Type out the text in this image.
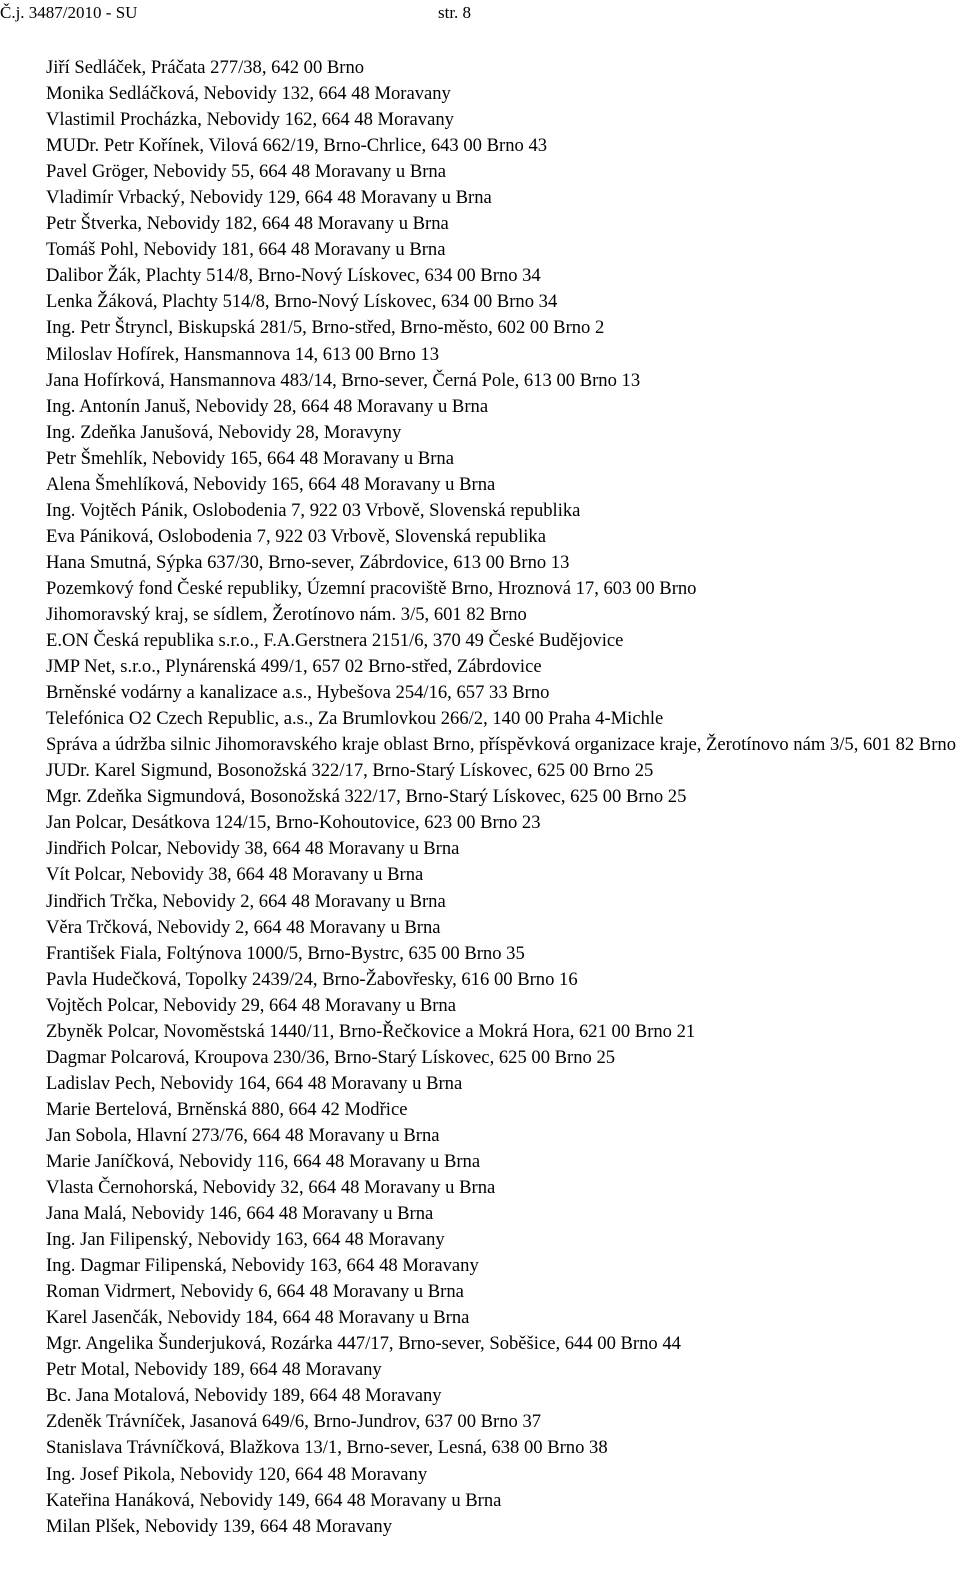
Č.j. 3487/2010 - SU	str. 8
Jiří Sedláček, Práčata 277/38, 642 00 Brno
Monika Sedláčková, Nebovidy 132, 664 48 Moravany
Vlastimil Procházka, Nebovidy 162, 664 48 Moravany
MUDr. Petr Kořínek, Vilová 662/19, Brno-Chrlice, 643 00 Brno 43
Pavel Gröger, Nebovidy 55, 664 48 Moravany u Brna
Vladimír Vrbacký, Nebovidy 129, 664 48 Moravany u Brna
Petr Štverka, Nebovidy 182, 664 48 Moravany u Brna
Tomáš Pohl, Nebovidy 181, 664 48 Moravany u Brna
Dalibor Žák, Plachty 514/8, Brno-Nový Lískovec, 634 00 Brno 34
Lenka Žáková, Plachty 514/8, Brno-Nový Lískovec, 634 00 Brno 34
Ing. Petr Štryncl, Biskupská 281/5, Brno-střed, Brno-město, 602 00 Brno 2
Miloslav Hofírek, Hansmannova 14, 613 00 Brno 13
Jana Hofírková, Hansmannova 483/14, Brno-sever, Černá Pole, 613 00 Brno 13
Ing. Antonín Januš, Nebovidy 28, 664 48 Moravany u Brna
Ing. Zdeňka Janušová, Nebovidy 28, Moravyny
Petr Šmehlík, Nebovidy 165, 664 48 Moravany u Brna
Alena Šmehlíková, Nebovidy 165, 664 48 Moravany u Brna
Ing. Vojtěch Pánik, Oslobodenia 7, 922 03 Vrbově, Slovenská republika
Eva Pániková, Oslobodenia 7, 922 03 Vrbově, Slovenská republika
Hana Smutná, Sýpka 637/30, Brno-sever, Zábrdovice, 613 00 Brno 13
Pozemkový fond České republiky, Územní pracoviště Brno, Hroznová 17, 603 00 Brno
Jihomoravský kraj, se sídlem, Žerotínovo nám. 3/5, 601 82 Brno
E.ON Česká republika s.r.o., F.A.Gerstnera 2151/6, 370 49 České Budějovice
JMP Net, s.r.o., Plynárenská 499/1, 657 02 Brno-střed, Zábrdovice
Brněnské vodárny a kanalizace a.s., Hybešova 254/16, 657 33 Brno
Telefónica O2 Czech Republic, a.s., Za Brumlovkou 266/2, 140 00 Praha 4-Michle
Správa a údržba silnic Jihomoravského kraje oblast Brno, příspěvková organizace kraje, Žerotínovo nám 3/5, 601 82 Brno
JUDr. Karel Sigmund, Bosonožská 322/17, Brno-Starý Lískovec, 625 00 Brno 25
Mgr. Zdeňka Sigmundová, Bosonožská 322/17, Brno-Starý Lískovec, 625 00 Brno 25
Jan Polcar, Desátkova 124/15, Brno-Kohoutovice, 623 00 Brno 23
Jindřich Polcar, Nebovidy 38, 664 48 Moravany u Brna
Vít Polcar, Nebovidy 38, 664 48 Moravany u Brna
Jindřich Trčka, Nebovidy 2, 664 48 Moravany u Brna
Věra Trčková, Nebovidy 2, 664 48 Moravany u Brna
František Fiala, Foltýnova 1000/5, Brno-Bystrc, 635 00 Brno 35
Pavla Hudečková, Topolky 2439/24, Brno-Žabovřesky, 616 00 Brno 16
Vojtěch Polcar, Nebovidy 29, 664 48 Moravany u Brna
Zbyněk Polcar, Novoměstská 1440/11, Brno-Řečkovice a Mokrá Hora, 621 00 Brno 21
Dagmar Polcarová, Kroupova 230/36, Brno-Starý Lískovec, 625 00 Brno 25
Ladislav Pech, Nebovidy 164, 664 48 Moravany u Brna
Marie Bertelová, Brněnská 880, 664 42 Modřice
Jan Sobola, Hlavní 273/76, 664 48 Moravany u Brna
Marie Janíčková, Nebovidy 116, 664 48 Moravany u Brna
Vlasta Černohorská, Nebovidy 32, 664 48 Moravany u Brna
Jana Malá, Nebovidy 146, 664 48 Moravany u Brna
Ing. Jan Filipenský, Nebovidy 163, 664 48 Moravany
Ing. Dagmar Filipenská, Nebovidy 163, 664 48 Moravany
Roman Vidrmert, Nebovidy 6, 664 48 Moravany u Brna
Karel Jasenčák, Nebovidy 184, 664 48 Moravany u Brna
Mgr. Angelika Šunderjuková, Rozárka 447/17, Brno-sever, Soběšice, 644 00 Brno 44
Petr Motal, Nebovidy 189, 664 48 Moravany
Bc. Jana Motalová, Nebovidy 189, 664 48 Moravany
Zdeněk Trávníček, Jasanová 649/6, Brno-Jundrov, 637 00 Brno 37
Stanislava Trávníčková, Blažkova 13/1, Brno-sever, Lesná, 638 00 Brno 38
Ing. Josef Pikola, Nebovidy 120, 664 48 Moravany
Kateřina Hanáková, Nebovidy 149, 664 48 Moravany u Brna
Milan Plšek, Nebovidy 139, 664 48 Moravany
